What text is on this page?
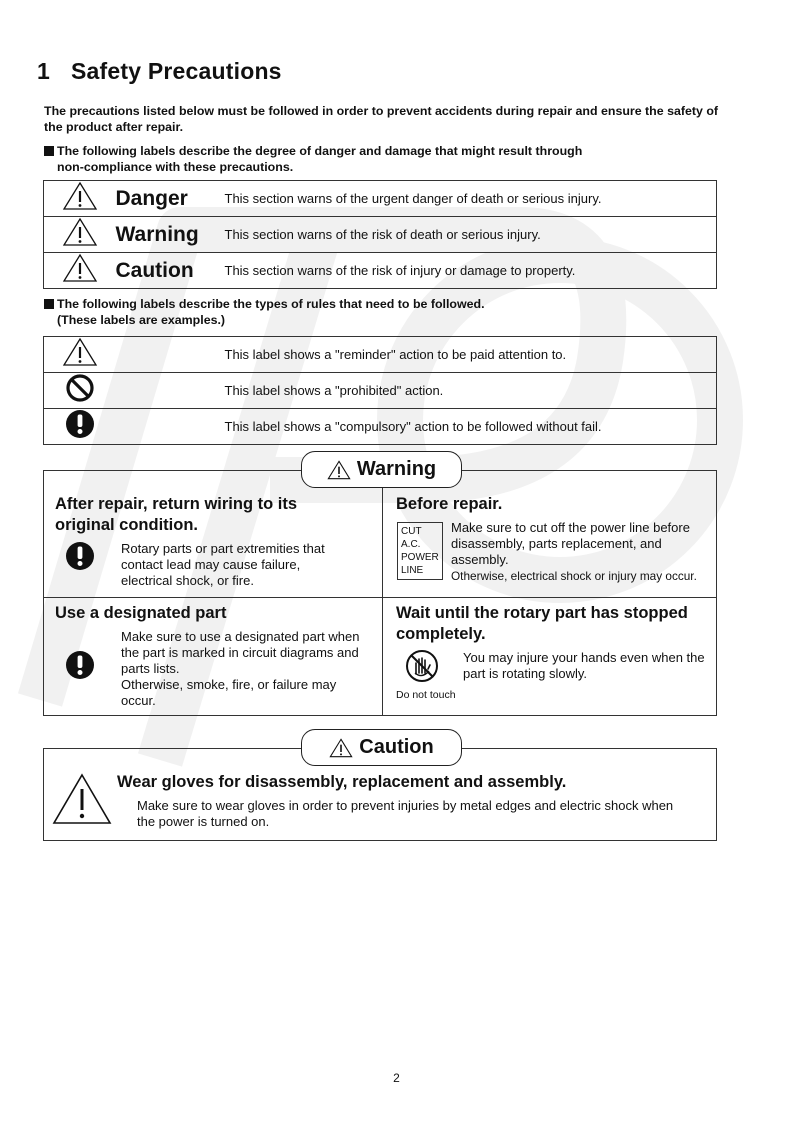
1 Safety Precautions
The precautions listed below must be followed in order to prevent accidents during repair and ensure the safety of the product after repair.
The following labels describe the degree of danger and damage that might result through
non-compliance with these precautions.
	Danger	This section warns of the urgent danger of death or serious injury.
	Warning	This section warns of the risk of death or serious injury.
	Caution	This section warns of the risk of injury or damage to property.
The following labels describe the types of rules that need to be followed.
(These labels are examples.)
		This label shows a "reminder" action to be paid attention to.
		This label shows a "prohibited" action.
		This label shows a "compulsory" action to be followed without fail.
After repair, return wiring to its
original condition.
Rotary parts or part extremities that
contact lead may cause failure,
electrical shock, or fire.
Before repair.
CUT
A.C.
POWER
LINE
Make sure to cut off the power line before
disassembly, parts replacement, and
assembly.
Otherwise, electrical shock or injury may occur.
Use a designated part
Make sure to use a designated part when
the part is marked in circuit diagrams and
parts lists.
Otherwise, smoke, fire, or failure may
occur.
Wait until the rotary part has stopped
completely.
Do not touch
You may injure your hands even when the
part is rotating slowly.
Warning
Wear gloves for disassembly, replacement and assembly.
Make sure to wear gloves in order to prevent injuries by metal edges and electric shock when
the power is turned on.
Caution
2
